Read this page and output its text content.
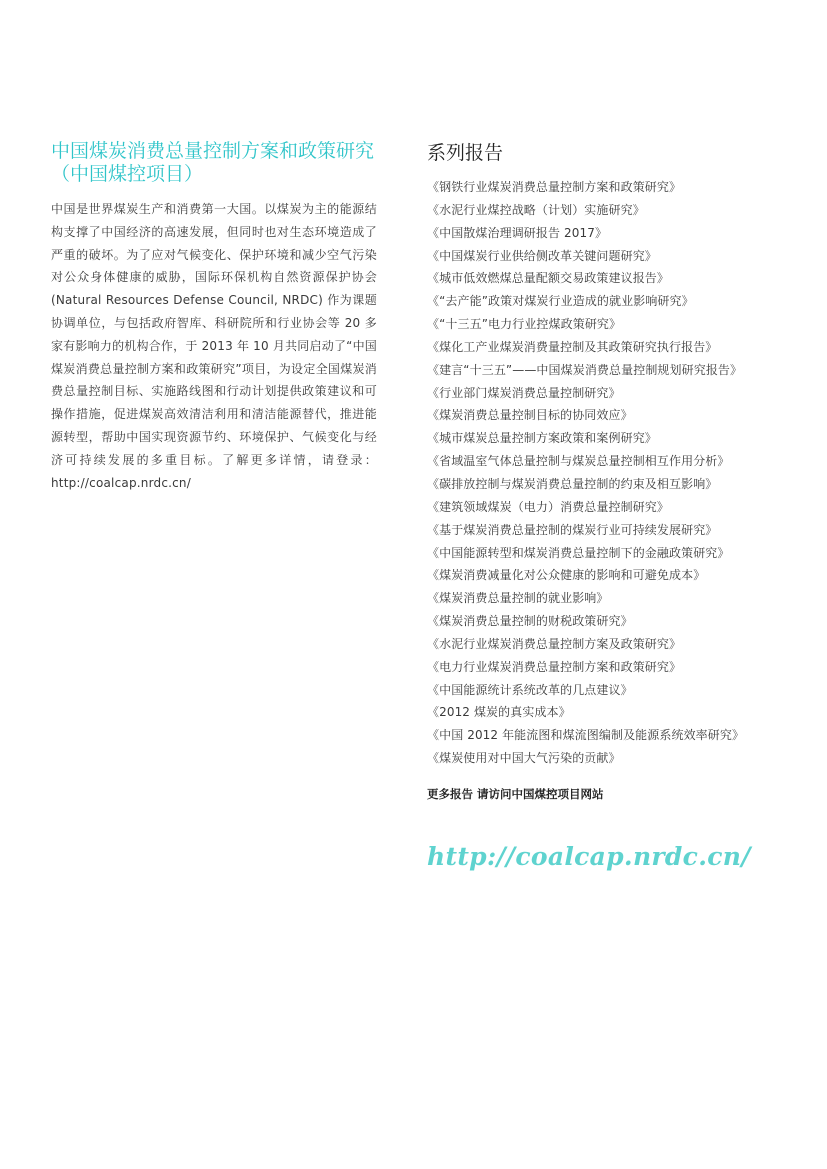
中国煤炭消费总量控制方案和政策研究（中国煤控项目）

中国是世界煤炭生产和消费第一大国。以煤炭为主的能源结构支撑了中国经济的高速发展，但同时也对生态环境造成了严重的破坏。为了应对气候变化、保护环境和减少空气污染对公众身体健康的威胁，国际环保机构自然资源保护协会 (Natural Resources Defense Council, NRDC) 作为课题协调单位，与包括政府智库、科研院所和行业协会等 20 多家有影响力的机构合作，于 2013 年 10 月共同启动了“中国煤炭消费总量控制方案和政策研究”项目，为设定全国煤炭消费总量控制目标、实施路线图和行动计划提供政策建议和可操作措施，促进煤炭高效清洁利用和清洁能源替代，推进能源转型，帮助中国实现资源节约、环境保护、气候变化与经济可持续发展的多重目标。了解更多详情，请登录：http://coalcap.nrdc.cn/

系列报告
《钢铁行业煤炭消费总量控制方案和政策研究》
《水泥行业煤控战略（计划）实施研究》
《中国散煤治理调研报告 2017》
《中国煤炭行业供给侧改革关键问题研究》
《城市低效燃煤总量配额交易政策建议报告》
《“去产能”政策对煤炭行业造成的就业影响研究》
《“十三五”电力行业控煤政策研究》
《煤化工产业煤炭消费量控制及其政策研究执行报告》
《建言“十三五”——中国煤炭消费总量控制规划研究报告》
《行业部门煤炭消费总量控制研究》
《煤炭消费总量控制目标的协同效应》
《城市煤炭总量控制方案政策和案例研究》
《省域温室气体总量控制与煤炭总量控制相互作用分析》
《碳排放控制与煤炭消费总量控制的约束及相互影响》
《建筑领域煤炭（电力）消费总量控制研究》
《基于煤炭消费总量控制的煤炭行业可持续发展研究》
《中国能源转型和煤炭消费总量控制下的金融政策研究》
《煤炭消费减量化对公众健康的影响和可避免成本》
《煤炭消费总量控制的就业影响》
《煤炭消费总量控制的财税政策研究》
《水泥行业煤炭消费总量控制方案及政策研究》
《电力行业煤炭消费总量控制方案和政策研究》
《中国能源统计系统改革的几点建议》
《2012 煤炭的真实成本》
《中国 2012 年能流图和煤流图编制及能源系统效率研究》
《煤炭使用对中国大气污染的贡献》

更多报告 请访问中国煤控项目网站

http://coalcap.nrdc.cn/
